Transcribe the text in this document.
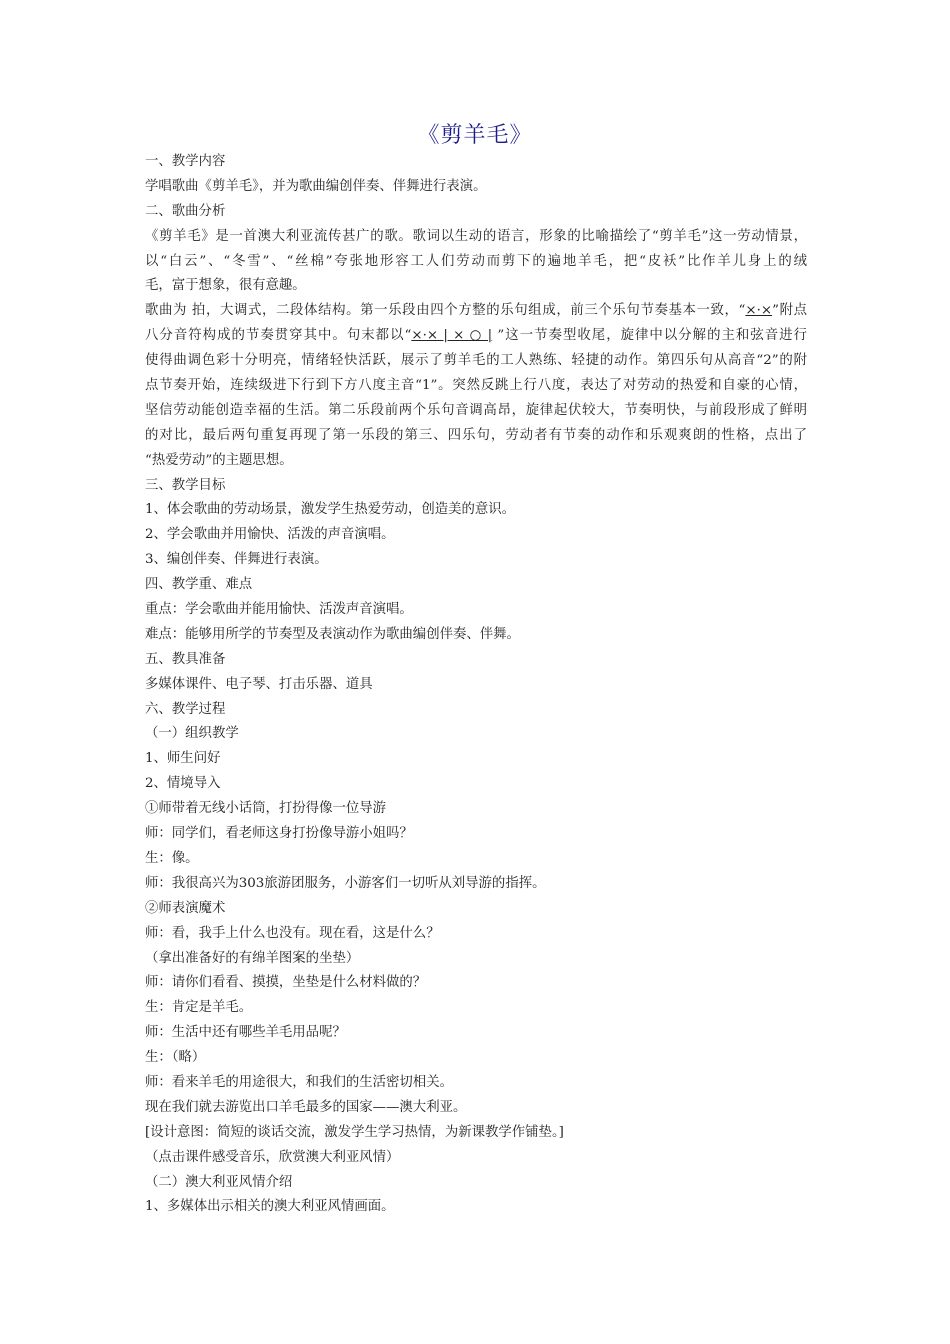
《剪羊毛》
一、教学内容
学唱歌曲《剪羊毛》，并为歌曲编创伴奏、伴舞进行表演。
二、歌曲分析
《剪羊毛》是一首澳大利亚流传甚广的歌。歌词以生动的语言，形象的比喻描绘了“剪羊毛”这一劳动情景，
以“白云”、“冬雪”、“丝棉”夸张地形容工人们劳动而剪下的遍地羊毛，把“皮袄”比作羊儿身上的绒
毛，富于想象，很有意趣。
歌曲为 拍，大调式，二段体结构。第一乐段由四个方整的乐句组成，前三个乐句节奏基本一致，“×·×”附点
八分音符构成的节奏贯穿其中。句末都以“×·× | × ○ | ”这一节奏型收尾，旋律中以分解的主和弦音进行
使得曲调色彩十分明亮，情绪轻快活跃，展示了剪羊毛的工人熟练、轻捷的动作。第四乐句从高音“2”的附
点节奏开始，连续级进下行到下方八度主音“1”。突然反跳上行八度，表达了对劳动的热爱和自豪的心情，
坚信劳动能创造幸福的生活。第二乐段前两个乐句音调高昂，旋律起伏较大，节奏明快，与前段形成了鲜明
的对比，最后两句重复再现了第一乐段的第三、四乐句，劳动者有节奏的动作和乐观爽朗的性格，点出了
“热爱劳动”的主题思想。
三、教学目标
1、体会歌曲的劳动场景，激发学生热爱劳动，创造美的意识。
2、学会歌曲并用愉快、活泼的声音演唱。
3、编创伴奏、伴舞进行表演。
四、教学重、难点
重点：学会歌曲并能用愉快、活泼声音演唱。
难点：能够用所学的节奏型及表演动作为歌曲编创伴奏、伴舞。
五、教具准备
多媒体课件、电子琴、打击乐器、道具
六、教学过程
（一）组织教学
1、师生问好
2、情境导入
①师带着无线小话筒，打扮得像一位导游
师：同学们，看老师这身打扮像导游小姐吗？
生：像。
师：我很高兴为303旅游团服务，小游客们一切听从刘导游的指挥。
②师表演魔术
师：看，我手上什么也没有。现在看，这是什么？
（拿出准备好的有绵羊图案的坐垫）
师：请你们看看、摸摸，坐垫是什么材料做的？
生：肯定是羊毛。
师：生活中还有哪些羊毛用品呢？
生：（略）
师：看来羊毛的用途很大，和我们的生活密切相关。
现在我们就去游览出口羊毛最多的国家——澳大利亚。
[设计意图：简短的谈话交流，激发学生学习热情，为新课教学作铺垫。]
（点击课件感受音乐，欣赏澳大利亚风情）
（二）澳大利亚风情介绍
1、多媒体出示相关的澳大利亚风情画面。
